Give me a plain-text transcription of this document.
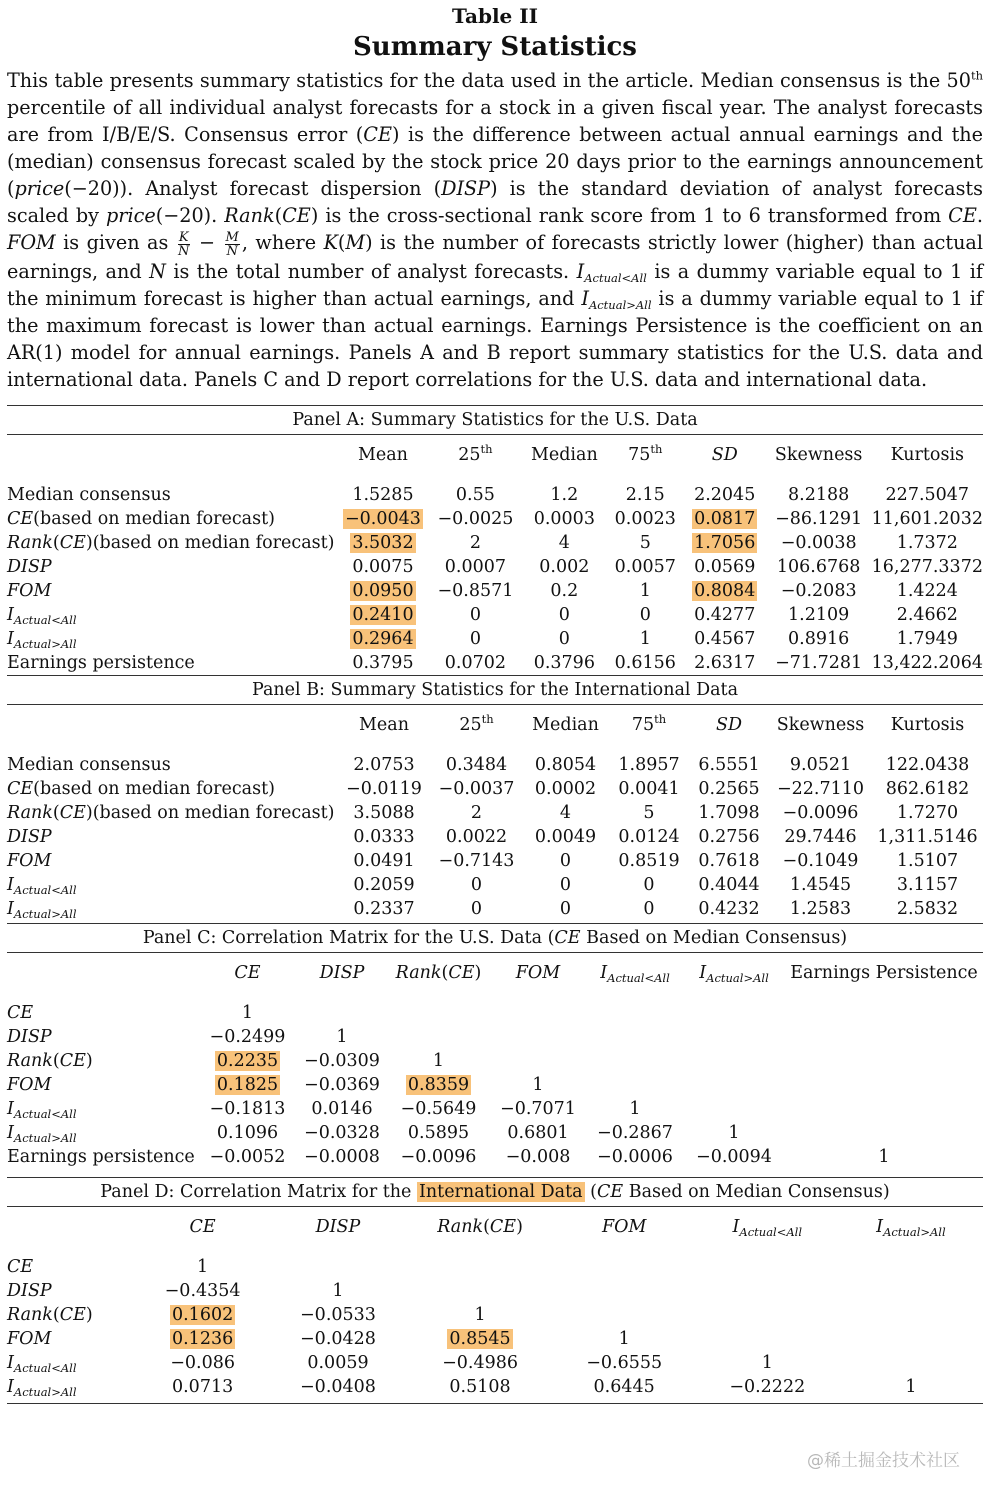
Table II
Summary Statistics
This table presents summary statistics for the data used in the article. Median consensus is the 50th percentile of all individual analyst forecasts for a stock in a given fiscal year. The analyst forecasts are from I/B/E/S. Consensus error (CE) is the difference between actual annual earnings and the (median) consensus forecast scaled by the stock price 20 days prior to the earnings announcement (price(−20)). Analyst forecast dispersion (DISP) is the standard deviation of analyst forecasts scaled by price(−20). Rank(CE) is the cross-sectional rank score from 1 to 6 transformed from CE. FOM is given as $\frac{K}{N} - \frac{M}{N}$ , where K(M) is the number of forecasts strictly lower (higher) than actual earnings, and N is the total number of analyst forecasts. $I_{Actual<All}$ is a dummy variable equal to 1 if the minimum forecast is higher than actual earnings, and $I_{Actual>All}$ is a dummy variable equal to 1 if the maximum forecast is lower than actual earnings. Earnings Persistence is the coefficient on an AR(1) model for annual earnings. Panels A and B report summary statistics for the U.S. data and international data. Panels C and D report correlations for the U.S. data and international data.
Panel A: Summary Statistics for the U.S. Data
	Mean	25th	Median	75th	SD	Skewness	Kurtosis

Median consensus	1.5285	0.55	1.2	2.15	2.2045	8.2188	227.5047
CE(based on median forecast)	−0.0043	−0.0025	0.0003	0.0023	0.0817	−86.1291	11,601.2032
Rank(CE)(based on median forecast)	3.5032	2	4	5	1.7056	−0.0038	1.7372
DISP	0.0075	0.0007	0.002	0.0057	0.0569	106.6768	16,277.3372
FOM	0.0950	−0.8571	0.2	1	0.8084	−0.2083	1.4224
$I_{Actual<All}$	0.2410	0	0	0	0.4277	1.2109	2.4662
$I_{Actual>All}$	0.2964	0	0	1	0.4567	0.8916	1.7949
Earnings persistence	0.3795	0.0702	0.3796	0.6156	2.6317	−71.7281	13,422.2064
Panel B: Summary Statistics for the International Data
	Mean	25th	Median	75th	SD	Skewness	Kurtosis

Median consensus	2.0753	0.3484	0.8054	1.8957	6.5551	9.0521	122.0438
CE(based on median forecast)	−0.0119	−0.0037	0.0002	0.0041	0.2565	−22.7110	862.6182
Rank(CE)(based on median forecast)	3.5088	2	4	5	1.7098	−0.0096	1.7270
DISP	0.0333	0.0022	0.0049	0.0124	0.2756	29.7446	1,311.5146
FOM	0.0491	−0.7143	0	0.8519	0.7618	−0.1049	1.5107
$I_{Actual<All}$	0.2059	0	0	0	0.4044	1.4545	3.1157
$I_{Actual>All}$	0.2337	0	0	0	0.4232	1.2583	2.5832
Panel C: Correlation Matrix for the U.S. Data (CE Based on Median Consensus)
	CE	DISP	Rank(CE)	FOM	$I_{Actual<All}$	$I_{Actual>All}$	Earnings Persistence

CE	1						
DISP	−0.2499	1					
Rank(CE)	0.2235	−0.0309	1				
FOM	0.1825	−0.0369	0.8359	1			
$I_{Actual<All}$	−0.1813	0.0146	−0.5649	−0.7071	1		
$I_{Actual>All}$	0.1096	−0.0328	0.5895	0.6801	−0.2867	1	
Earnings persistence	−0.0052	−0.0008	−0.0096	−0.008	−0.0006	−0.0094	1
Panel D: Correlation Matrix for the International Data (CE Based on Median Consensus)
	CE	DISP	Rank(CE)	FOM	$I_{Actual<All}$	$I_{Actual>All}$

CE	1					
DISP	−0.4354	1				
Rank(CE)	0.1602	−0.0533	1			
FOM	0.1236	−0.0428	0.8545	1		
$I_{Actual<All}$	−0.086	0.0059	−0.4986	−0.6555	1	
$I_{Actual>All}$	0.0713	−0.0408	0.5108	0.6445	−0.2222	1
@稀土掘金技术社区
